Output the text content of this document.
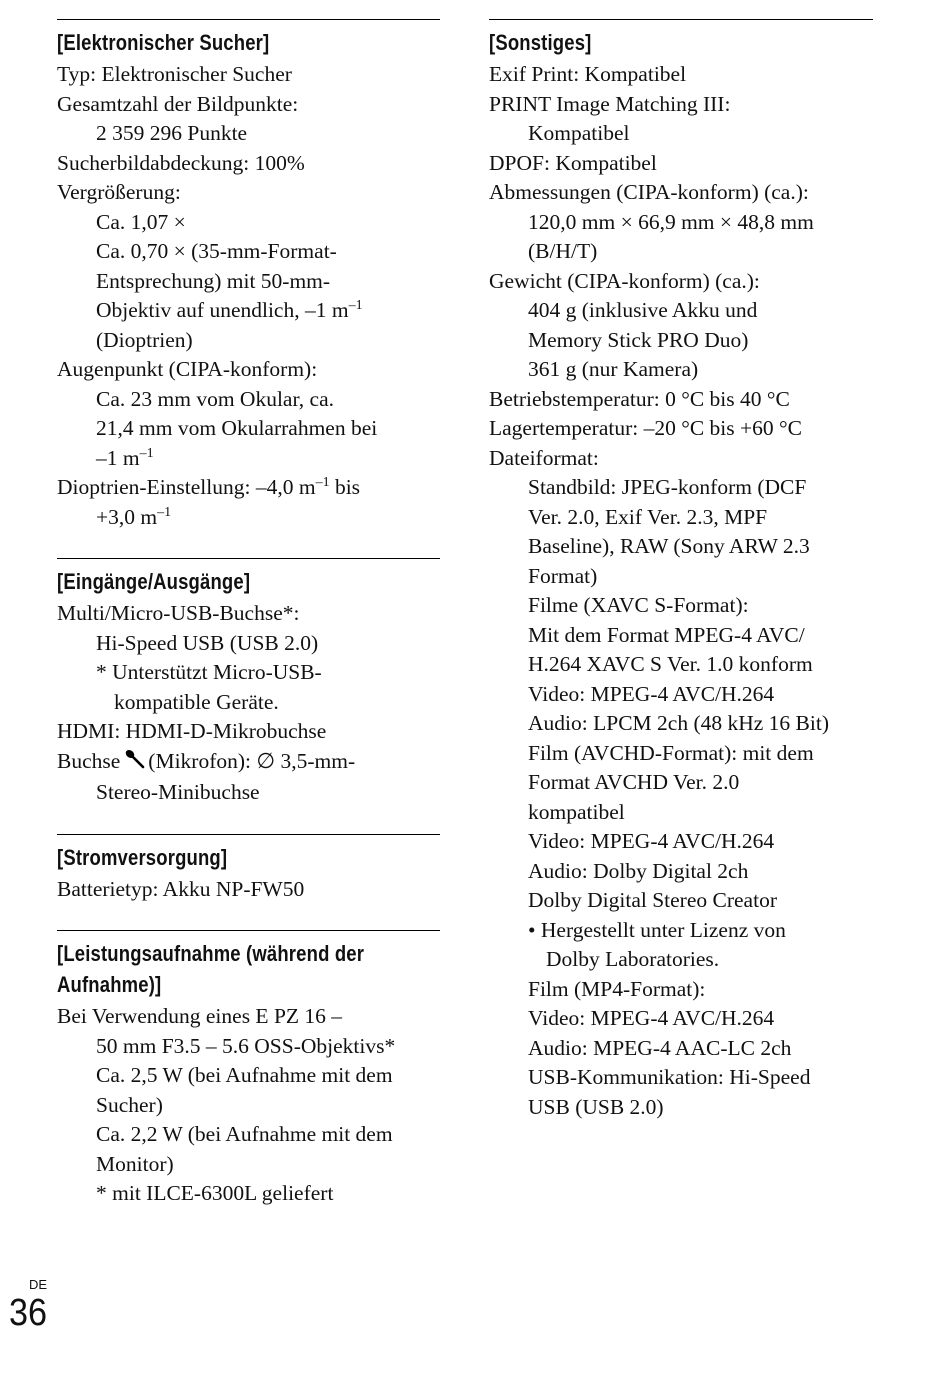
[Elektronischer Sucher]
Typ: Elektronischer Sucher
Gesamtzahl der Bildpunkte:
2 359 296 Punkte
Sucherbildabdeckung: 100%
Vergrößerung:
Ca. 1,07 ×
Ca. 0,70 × (35-mm-Format-
Entsprechung) mit 50-mm-
Objektiv auf unendlich, –1 $m^{-1}$
(Dioptrien)
Augenpunkt (CIPA-konform):
Ca. 23 mm vom Okular, ca.
21,4 mm vom Okularrahmen bei
–1 $m^{-1}$
Dioptrien-Einstellung: –4,0 $m^{-1}$ bis
+3,0 $m^{-1}$
[Eingänge/Ausgänge]
Multi/Micro-USB-Buchse*:
Hi-Speed USB (USB 2.0)
* Unterstützt Micro-USB-
kompatible Geräte.
HDMI: HDMI-D-Mikrobuchse
Buchse (Mikrofon): ∅ 3,5-mm-
Stereo-Minibuchse
[Stromversorgung]
Batterietyp: Akku NP-FW50
[Leistungsaufnahme (während der
Aufnahme)]
Bei Verwendung eines E PZ 16 –
50 mm F3.5 – 5.6 OSS-Objektivs*
Ca. 2,5 W (bei Aufnahme mit dem
Sucher)
Ca. 2,2 W (bei Aufnahme mit dem
Monitor)
* mit ILCE-6300L geliefert
[Sonstiges]
Exif Print: Kompatibel
PRINT Image Matching III:
Kompatibel
DPOF: Kompatibel
Abmessungen (CIPA-konform) (ca.):
120,0 mm × 66,9 mm × 48,8 mm
(B/H/T)
Gewicht (CIPA-konform) (ca.):
404 g (inklusive Akku und
Memory Stick PRO Duo)
361 g (nur Kamera)
Betriebstemperatur: 0 °C bis 40 °C
Lagertemperatur: –20 °C bis +60 °C
Dateiformat:
Standbild: JPEG-konform (DCF
Ver. 2.0, Exif Ver. 2.3, MPF
Baseline), RAW (Sony ARW 2.3
Format)
Filme (XAVC S-Format):
Mit dem Format MPEG-4 AVC/
H.264 XAVC S Ver. 1.0 konform
Video: MPEG-4 AVC/H.264
Audio: LPCM 2ch (48 kHz 16 Bit)
Film (AVCHD-Format): mit dem
Format AVCHD Ver. 2.0
kompatibel
Video: MPEG-4 AVC/H.264
Audio: Dolby Digital 2ch
Dolby Digital Stereo Creator
• Hergestellt unter Lizenz von
Dolby Laboratories.
Film (MP4-Format):
Video: MPEG-4 AVC/H.264
Audio: MPEG-4 AAC-LC 2ch
USB-Kommunikation: Hi-Speed
USB (USB 2.0)
DE
36
